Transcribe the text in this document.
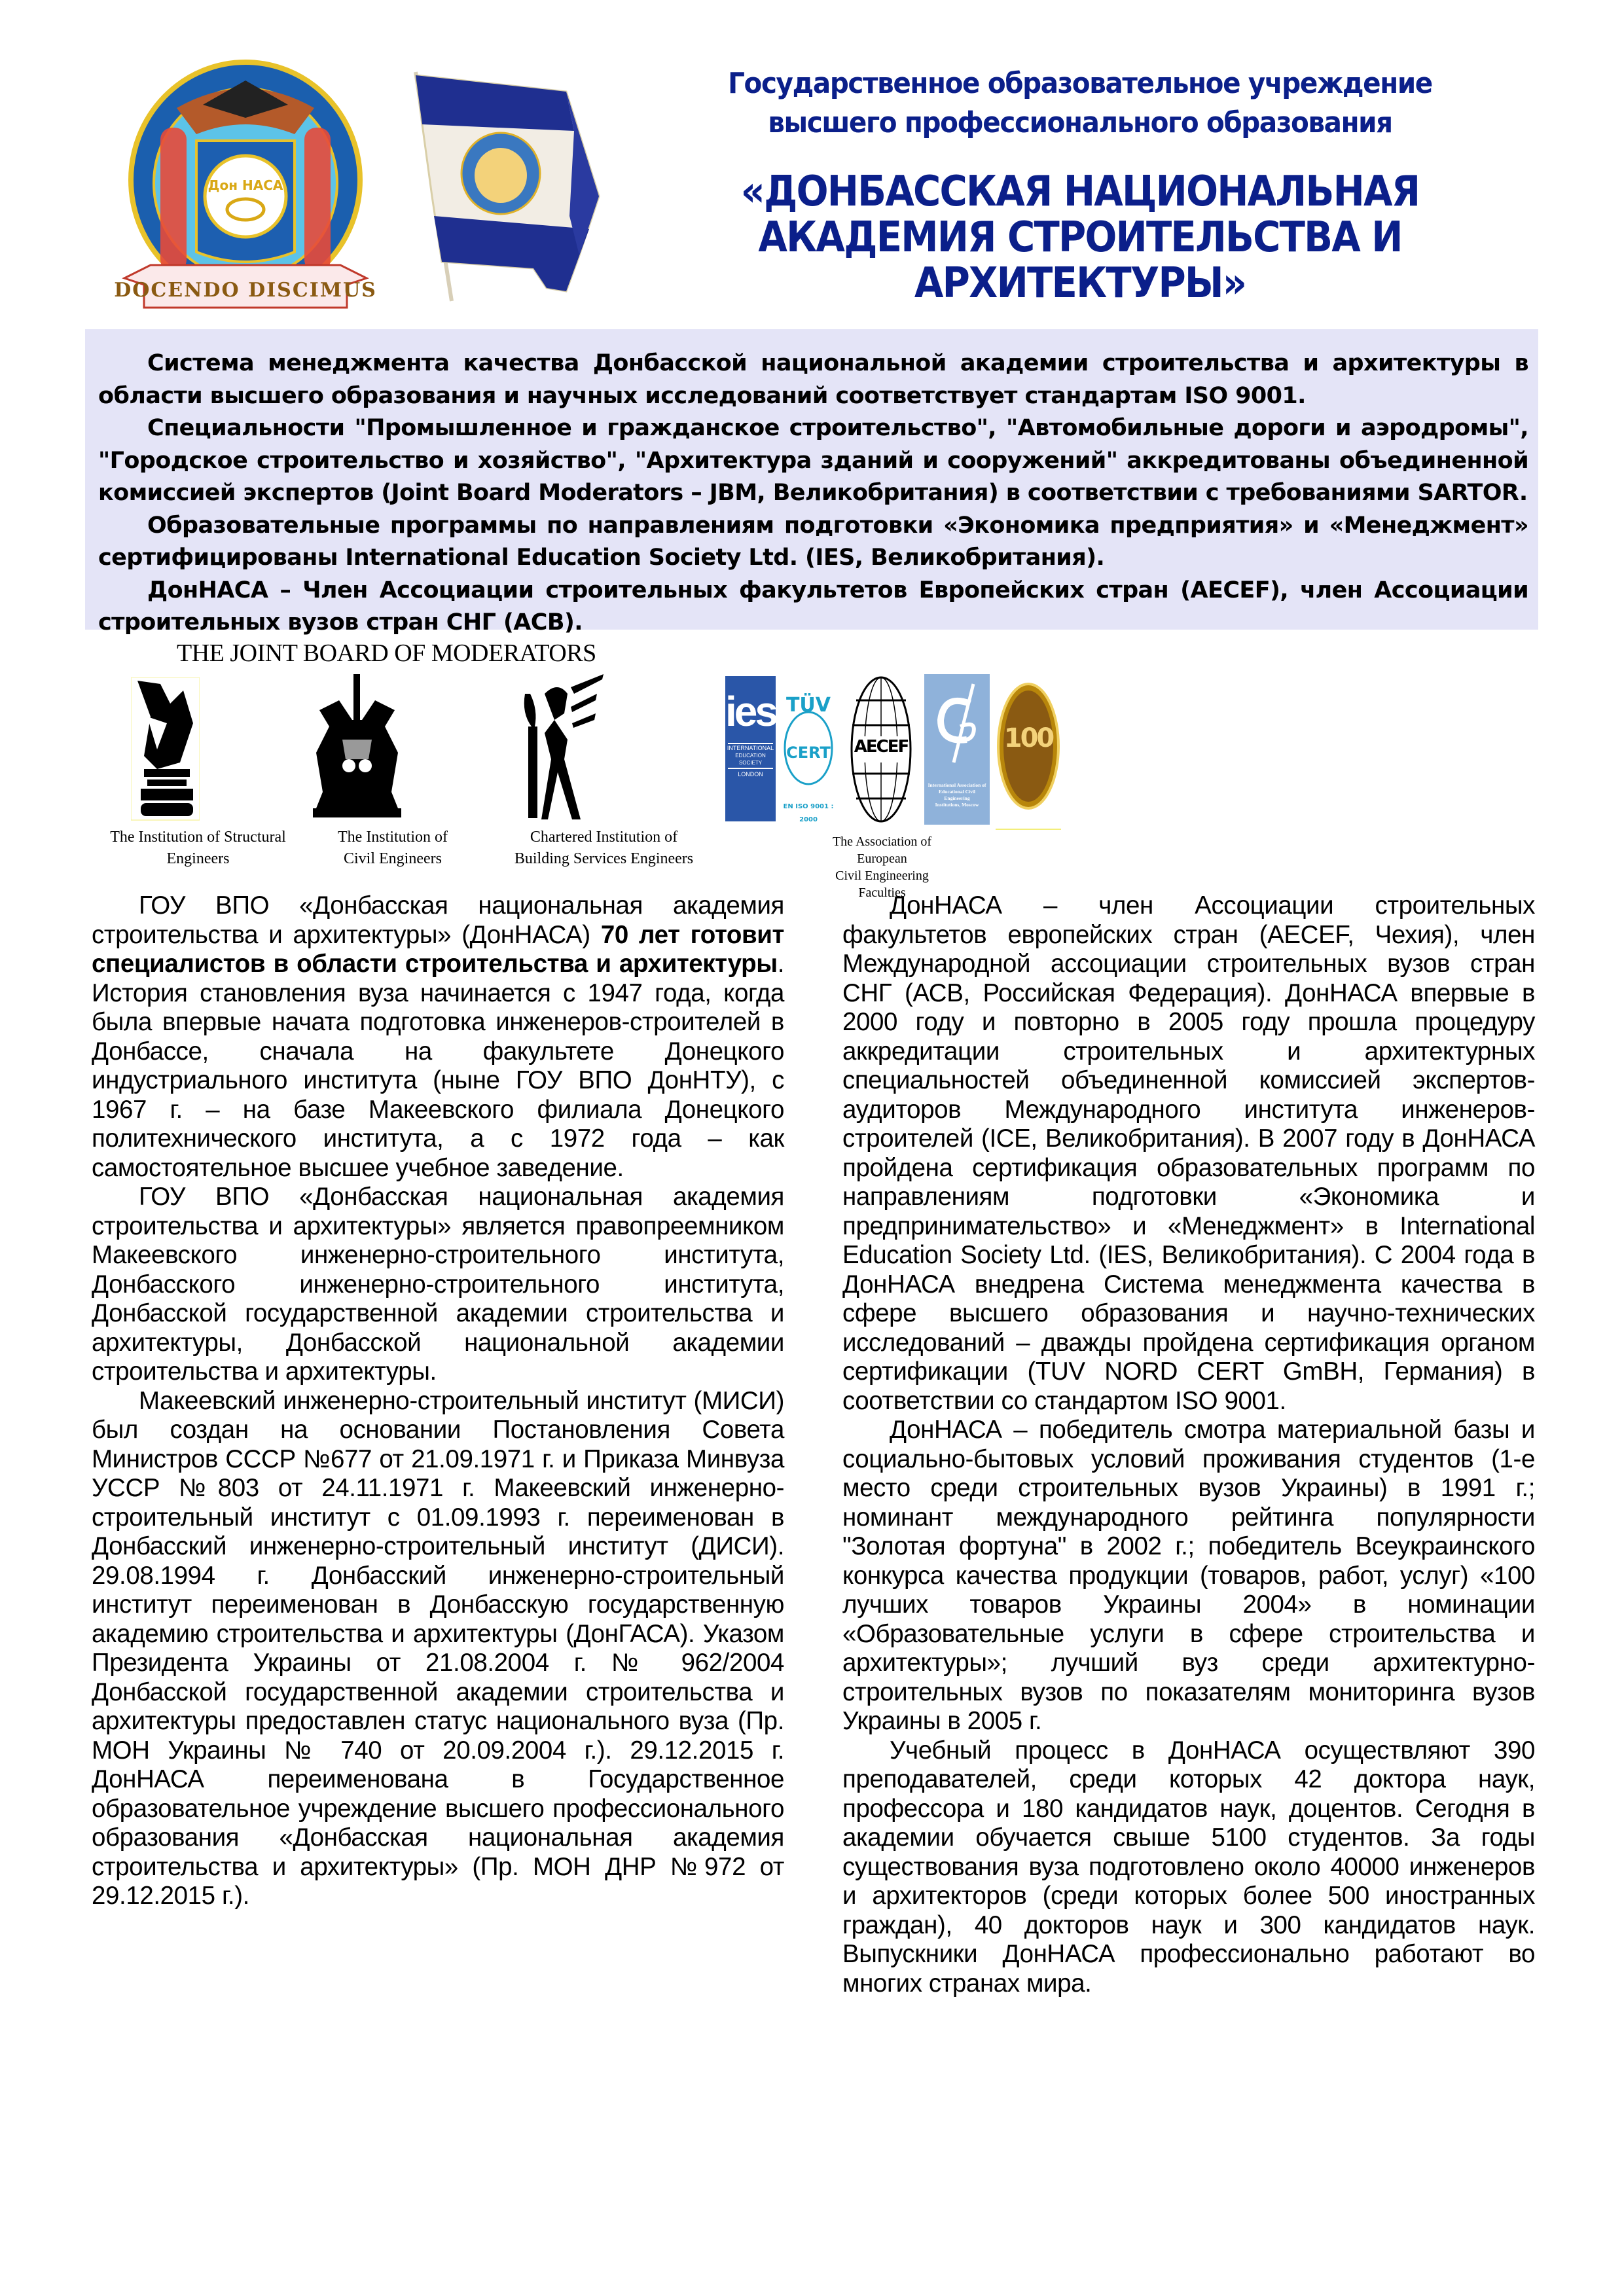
Дон НАСА
DOCENDO DISCIMUS
Государственное образовательное учреждение
высшего профессионального образования
«ДОНБАССКАЯ НАЦИОНАЛЬНАЯ
АКАДЕМИЯ СТРОИТЕЛЬСТВА И
АРХИТЕКТУРЫ»

Система менеджмента качества Донбасской национальной академии строительства и архитектуры в области высшего образования и научных исследований соответствует стандартам ISO 9001.

Специальности "Промышленное и гражданское строительство", "Автомобильные дороги и аэродромы", "Городское строительство и хозяйство", "Архитектура зданий и сооружений" аккредитованы объединенной комиссией экспертов (Joint Board Moderators – JBM, Великобритания) в соответствии с требованиями SARTOR.

Образовательные программы по направлениям подготовки «Экономика предприятия» и «Менеджмент» сертифицированы International Education Society Ltd. (IES, Великобритания).

ДонНАСА – Член Ассоциации строительных факультетов Европейских стран (AECEF), член Ассоциации строительных вузов стран СНГ (АСВ).

THE JOINT BOARD OF MODERATORS
The Institution of Structural
Engineers
The Institution of
Civil Engineers
Chartered Institution of
Building Services Engineers
ies
INTERNATIONAL
EDUCATION SOCIETY
LONDON
TÜV
CERT
EN ISO 9001 : 2000
AECEF
The Association of European
Civil Engineering Faculties
International Association of
Educational Civil Engineering
Institutions, Moscow
100

ГОУ ВПО «Донбасская национальная академия строительства и архитектуры» (ДонНАСА) 70 лет готовит специалистов в области строительства и архитектуры. История становления вуза начинается с 1947 года, когда была впервые начата подготовка инженеров-строителей в Донбассе, сначала на факультете Донецкого индустриального института (ныне ГОУ ВПО ДонНТУ), с 1967 г. – на базе Макеевского филиала Донецкого политехнического института, а с 1972 года – как самостоятельное высшее учебное заведение.

ГОУ ВПО «Донбасская национальная академия строительства и архитектуры» является правопреемником Макеевского инженерно-строительного института, Донбасского инженерно-строительного института, Донбасской государственной академии строительства и архитектуры, Донбасской национальной академии строительства и архитектуры.

Макеевский инженерно-строительный институт (МИСИ) был создан на основании Постановления Совета Министров СССР №677 от 21.09.1971 г. и Приказа Минвуза УССР №803 от 24.11.1971 г. Макеевский инженерно-строительный институт с 01.09.1993 г. переименован в Донбасский инженерно-строительный институт (ДИСИ). 29.08.1994 г. Донбасский инженерно-строительный институт переименован в Донбасскую государственную академию строительства и архитектуры (ДонГАСА). Указом Президента Украины от 21.08.2004 г. № 962/2004 Донбасской государственной академии строительства и архитектуры предоставлен статус национального вуза (Пр. МОН Украины № 740 от 20.09.2004 г.). 29.12.2015 г. ДонНАСА переименована в Государственное образовательное учреждение высшего профессионального образования «Донбасская национальная академия строительства и архитектуры» (Пр. МОН ДНР №972 от 29.12.2015 г.).

ДонНАСА – член Ассоциации строительных факультетов европейских стран (AECEF, Чехия), член Международной ассоциации строительных вузов стран СНГ (АСВ, Российская Федерация). ДонНАСА впервые в 2000 году и повторно в 2005 году прошла процедуру аккредитации строительных и архитектурных специальностей объединенной комиссией экспертов-аудиторов Международного института инженеров-строителей (ICE, Великобритания). В 2007 году в ДонНАСА пройдена сертификация образовательных программ по направлениям подготовки «Экономика и предпринимательство» и «Менеджмент» в International Education Society Ltd. (IES, Великобритания). С 2004 года в ДонНАСА внедрена Система менеджмента качества в сфере высшего образования и научно-технических исследований – дважды пройдена сертификация органом сертификации (TUV NORD CERT GmBH, Германия) в соответствии со стандартом ISO 9001.

ДонНАСА – победитель смотра материальной базы и социально-бытовых условий проживания студентов (1-е место среди строительных вузов Украины) в 1991 г.; номинант международного рейтинга популярности "Золотая фортуна" в 2002 г.; победитель Всеукраинского конкурса качества продукции (товаров, работ, услуг) «100 лучших товаров Украины 2004» в номинации «Образовательные услуги в сфере строительства и архитектуры»; лучший вуз среди архитектурно-строительных вузов по показателям мониторинга вузов Украины в 2005 г.

Учебный процесс в ДонНАСА осуществляют 390 преподавателей, среди которых 42 доктора наук, профессора и 180 кандидатов наук, доцентов. Сегодня в академии обучается свыше 5100 студентов. За годы существования вуза подготовлено около 40000 инженеров и архитекторов (среди которых более 500 иностранных граждан), 40 докторов наук и 300 кандидатов наук. Выпускники ДонНАСА профессионально работают во многих странах мира.
